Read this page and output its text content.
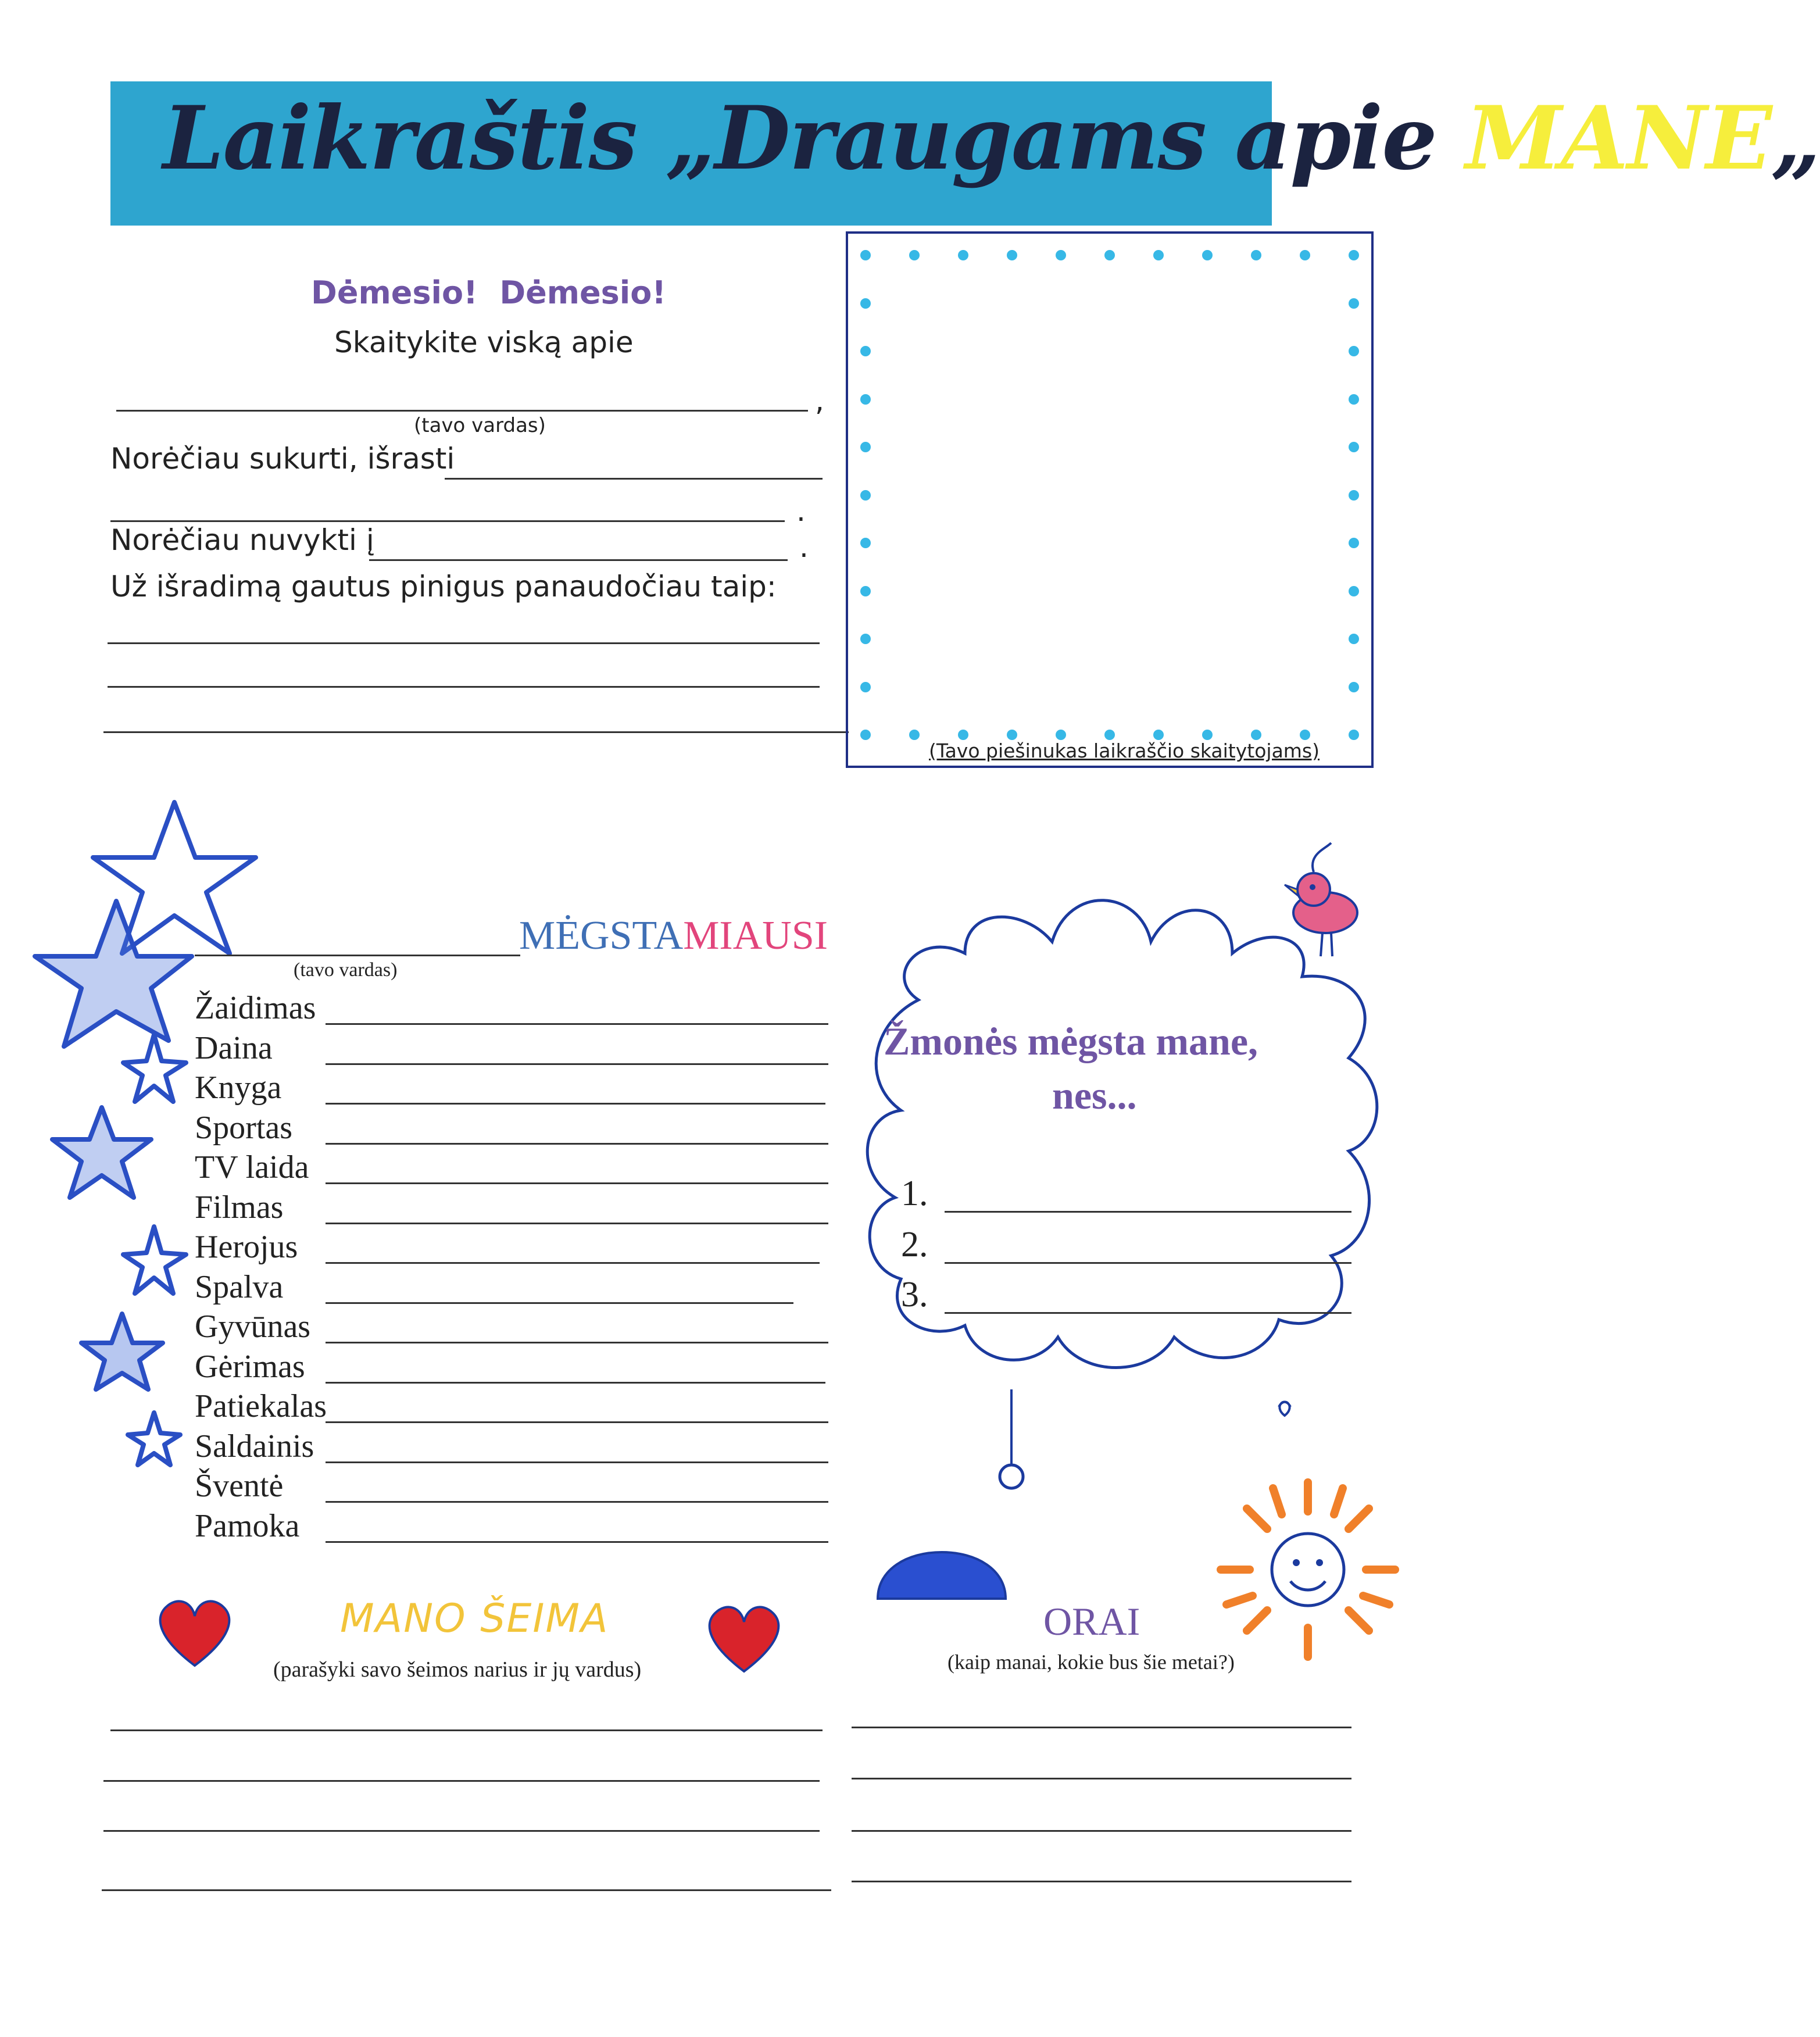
Laikraštis „Draugams apie MANE„
Dėmesio!  Dėmesio!
Skaitykite viską apie
,
(tavo vardas)
Norėčiau sukurti, išrasti
.
Norėčiau nuvykti į	.
Už išradimą gautus pinigus panaudočiau taip:
(Tavo piešinukas laikraščio skaitytojams)
MĖGSTAMIAUSI
(tavo vardas)
Žaidimas
Daina
Knyga
Sportas
TV laida
Filmas
Herojus
Spalva
Gyvūnas
Gėrimas
Patiekalas
Saldainis
Šventė
Pamoka
Žmonės mėgsta mane,
nes...
1.
2.
3.
MANO ŠEIMA
(parašyki savo šeimos narius ir jų vardus)
ORAI
(kaip manai, kokie bus šie metai?)
